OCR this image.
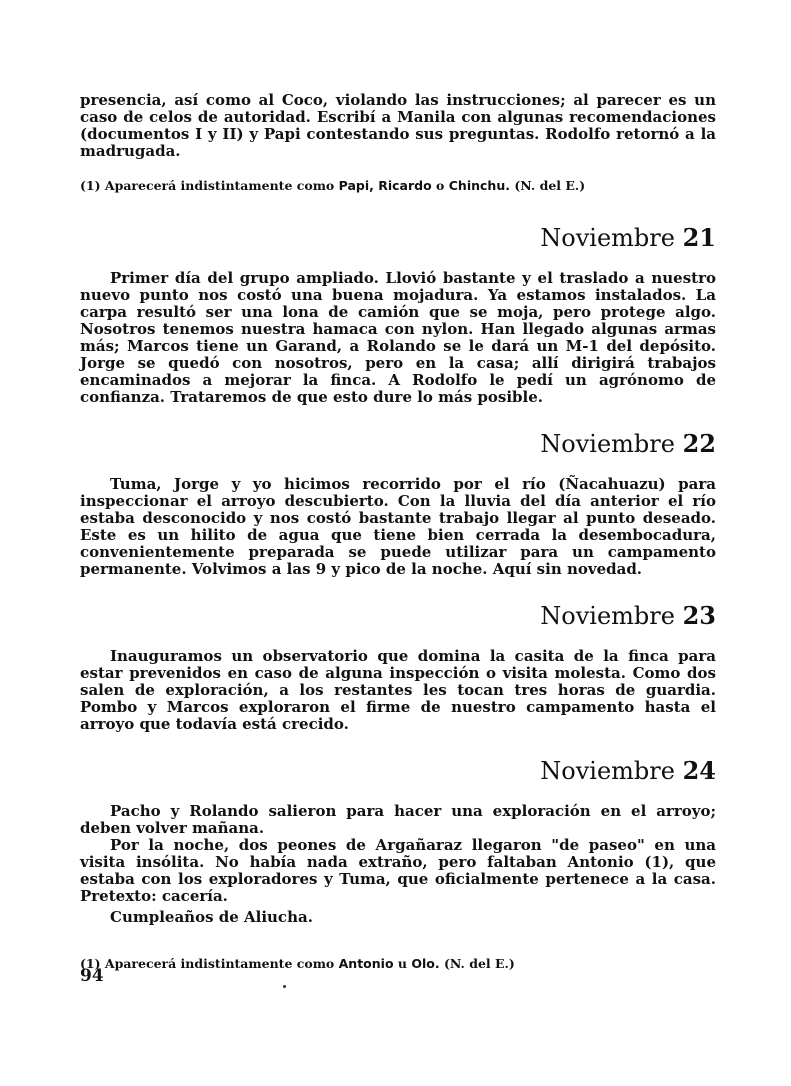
presencia, así como al Coco, violando las instrucciones; al parecer es un caso de celos de autoridad. Escribí a Manila con algunas recomendaciones (documentos I y II) y Papi contestando sus preguntas. Rodolfo retornó a la madrugada.

(1) Aparecerá indistintamente como Papi, Ricardo o Chinchu. (N. del E.)

Noviembre 21

Primer día del grupo ampliado. Llovió bastante y el traslado a nuestro nuevo punto nos costó una buena mojadura. Ya estamos instalados. La carpa resultó ser una lona de camión que se moja, pero protege algo. Nosotros tenemos nuestra hamaca con nylon. Han llegado algunas armas más; Marcos tiene un Garand, a Rolando se le dará un M-1 del depósito. Jorge se quedó con nosotros, pero en la casa; allí dirigirá trabajos encaminados a mejorar la finca. A Rodolfo le pedí un agrónomo de confianza. Trataremos de que esto dure lo más posible.

Noviembre 22

Tuma, Jorge y yo hicimos recorrido por el río (Ñacahuazu) para inspeccionar el arroyo descubierto. Con la lluvia del día anterior el río estaba desconocido y nos costó bastante trabajo llegar al punto deseado. Este es un hilito de agua que tiene bien cerrada la desembocadura, convenientemente preparada se puede utilizar para un campamento permanente. Volvimos a las 9 y pico de la noche. Aquí sin novedad.

Noviembre 23

Inauguramos un observatorio que domina la casita de la finca para estar prevenidos en caso de alguna inspección o visita molesta. Como dos salen de exploración, a los restantes les tocan tres horas de guardia. Pombo y Marcos exploraron el firme de nuestro campamento hasta el arroyo que todavía está crecido.

Noviembre 24

Pacho y Rolando salieron para hacer una exploración en el arroyo; deben volver mañana.

Por la noche, dos peones de Argañaraz llegaron "de paseo" en una visita insólita. No había nada extraño, pero faltaban Antonio (1), que estaba con los exploradores y Tuma, que oficialmente pertenece a la casa. Pretexto: cacería.

Cumpleaños de Aliucha.

(1) Aparecerá indistintamente como Antonio u Olo. (N. del E.)

94
